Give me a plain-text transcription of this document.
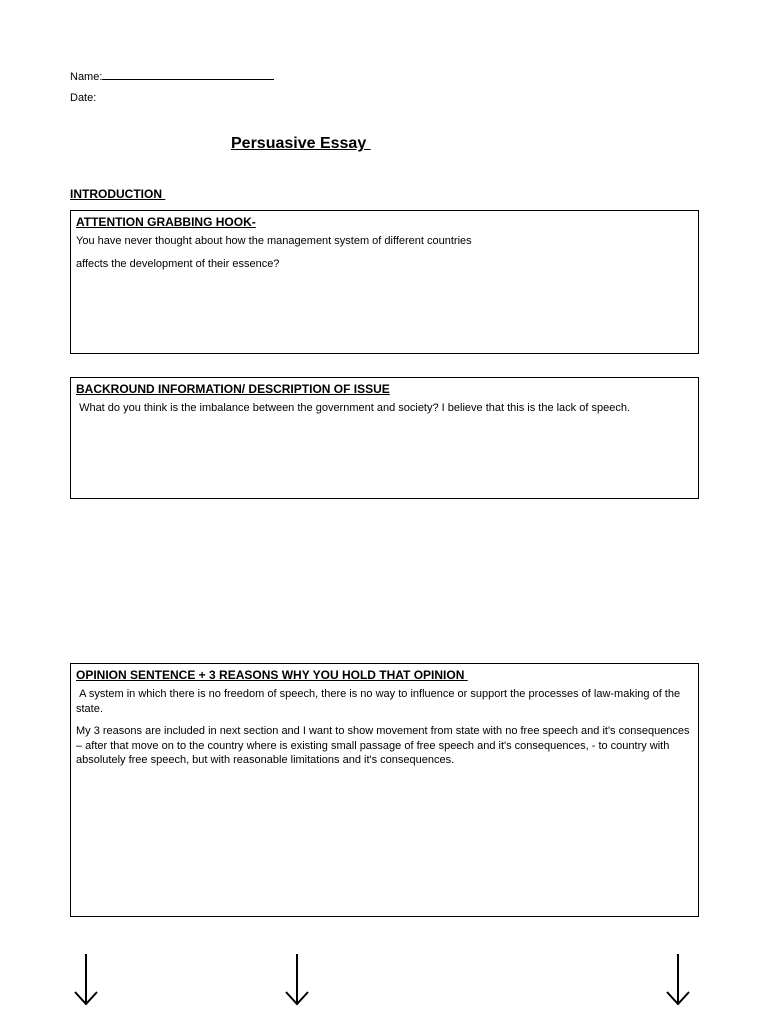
Name:
Date:
Persuasive Essay
INTRODUCTION
ATTENTION GRABBING HOOK-

You have never thought about how the management system of different countries

affects the development of their essence?

BACKROUND INFORMATION/ DESCRIPTION OF ISSUE

What do you think is the imbalance between the government and society? I believe that this is the lack of speech.

OPINION SENTENCE + 3 REASONS WHY YOU HOLD THAT OPINION

A system in which there is no freedom of speech, there is no way to influence or support the processes of law-making of the state.

My 3 reasons are included in next section and I want to show movement from state with no free speech and it's consequences – after that move on to the country where is existing small passage of free speech and it's consequences, - to country with absolutely free speech, but with reasonable limitations and it's consequences.
